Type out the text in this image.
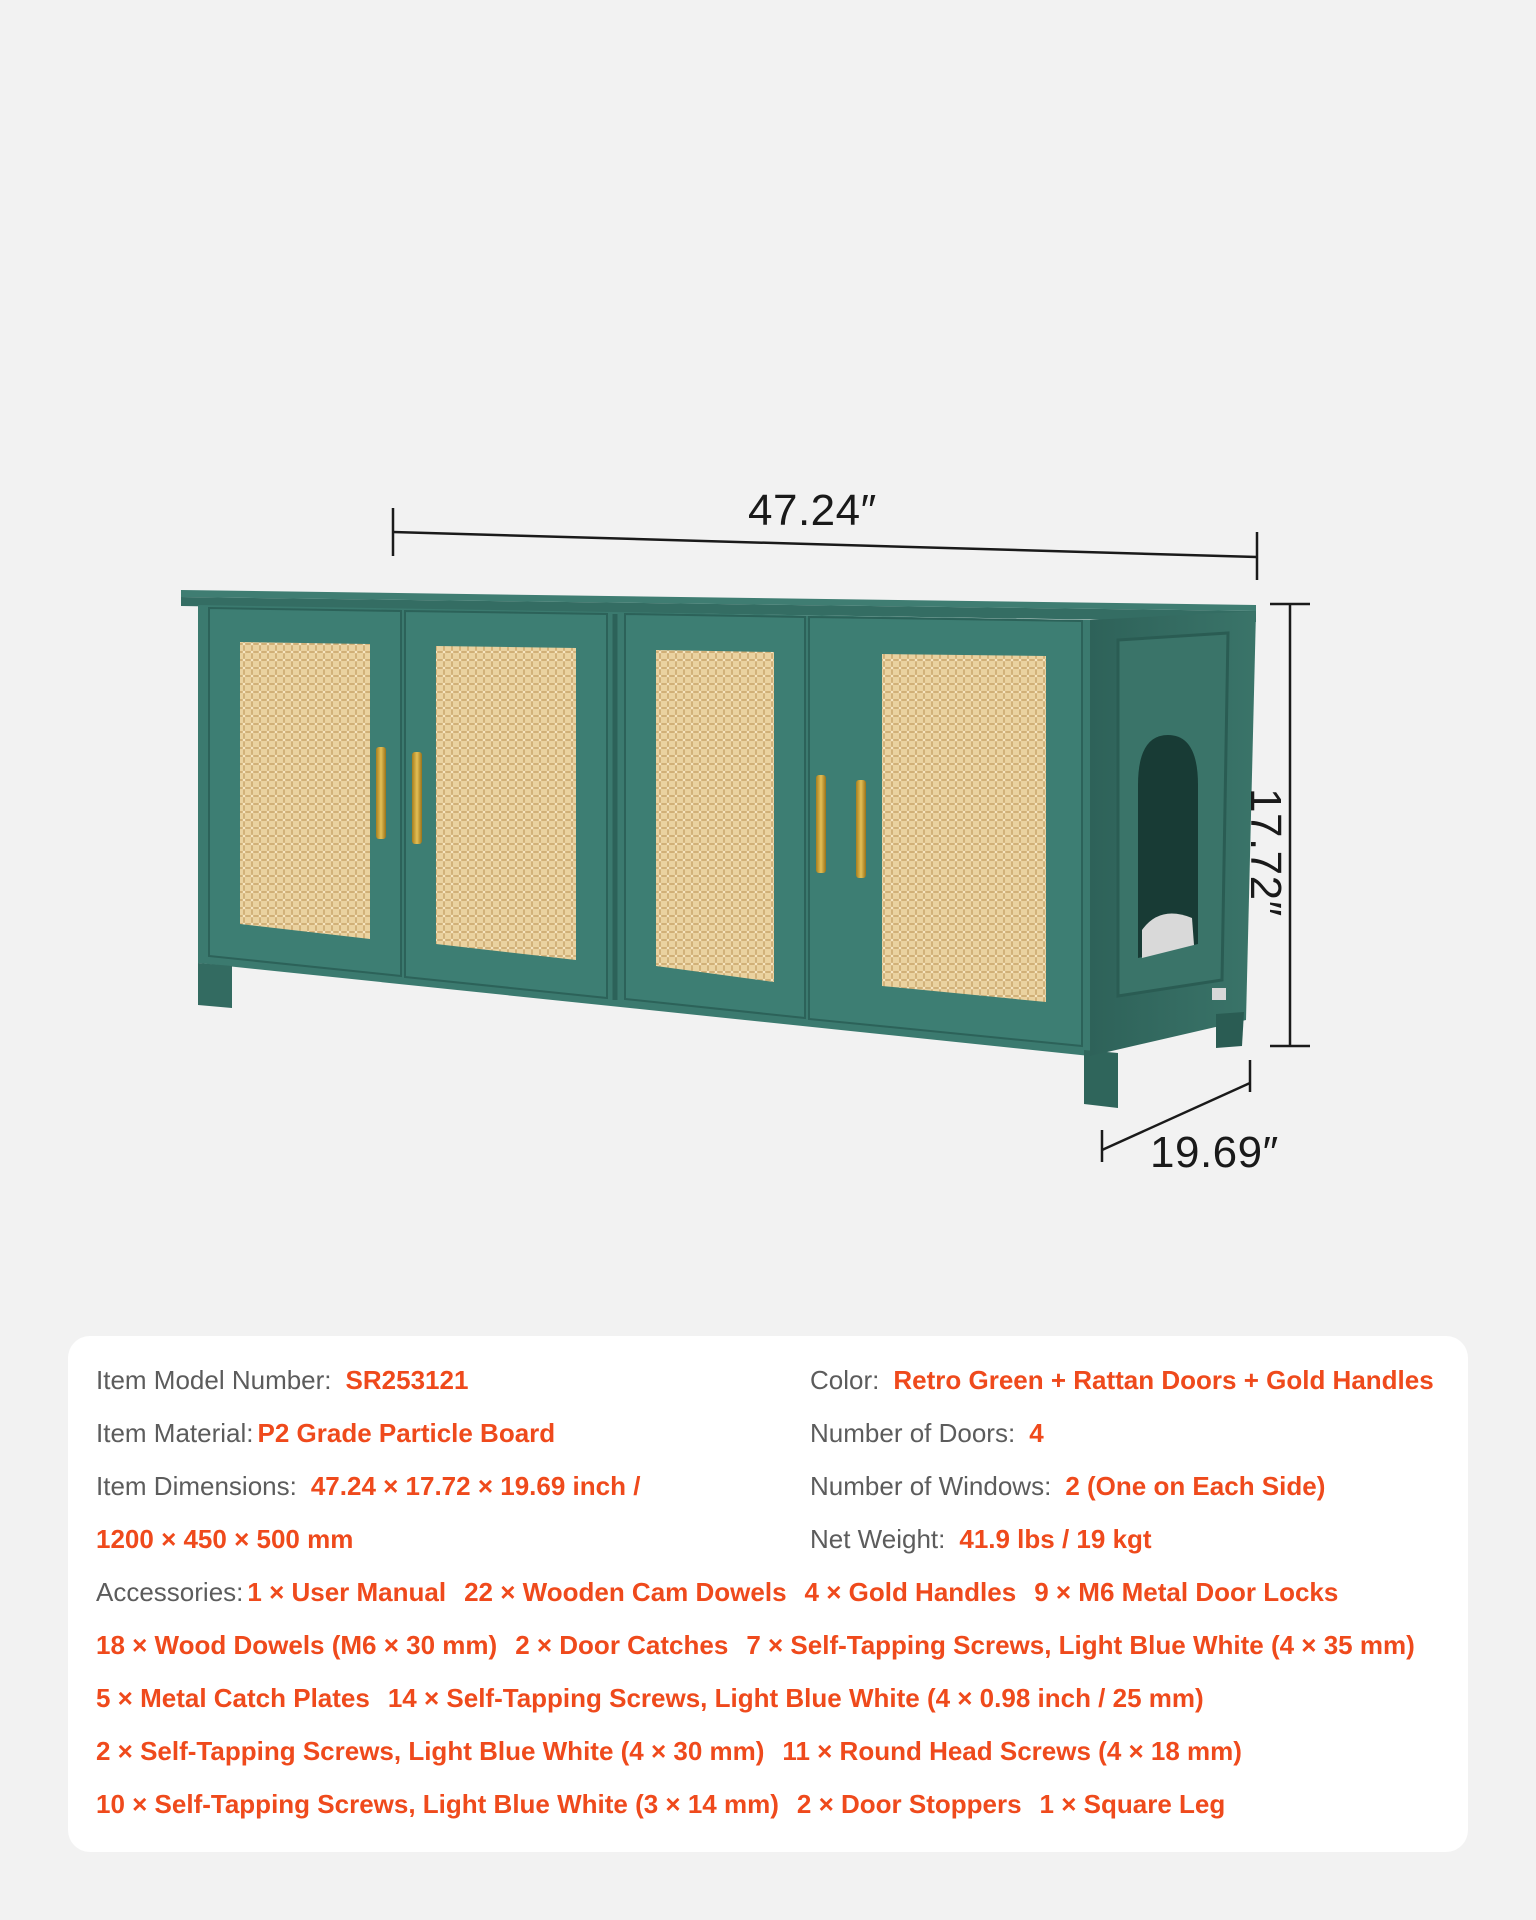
47.24″
17.72″
19.69″
Item Model Number: SR253121	Color: Retro Green + Rattan Doors + Gold Handles
Item Material: P2 Grade Particle Board	Number of Doors: 4
Item Dimensions: 47.24 × 17.72 × 19.69 inch /	Number of Windows: 2 (One on Each Side)
1200 × 450 × 500 mm	Net Weight: 41.9 lbs / 19 kgt
Accessories: 1 × User Manual 22 × Wooden Cam Dowels 4 × Gold Handles 9 × M6 Metal Door Locks
18 × Wood Dowels (M6 × 30 mm) 2 × Door Catches 7 × Self-Tapping Screws, Light Blue White (4 × 35 mm)
5 × Metal Catch Plates 14 × Self-Tapping Screws, Light Blue White (4 × 0.98 inch / 25 mm)
2 × Self-Tapping Screws, Light Blue White (4 × 30 mm) 11 × Round Head Screws (4 × 18 mm)
10 × Self-Tapping Screws, Light Blue White (3 × 14 mm) 2 × Door Stoppers 1 × Square Leg
